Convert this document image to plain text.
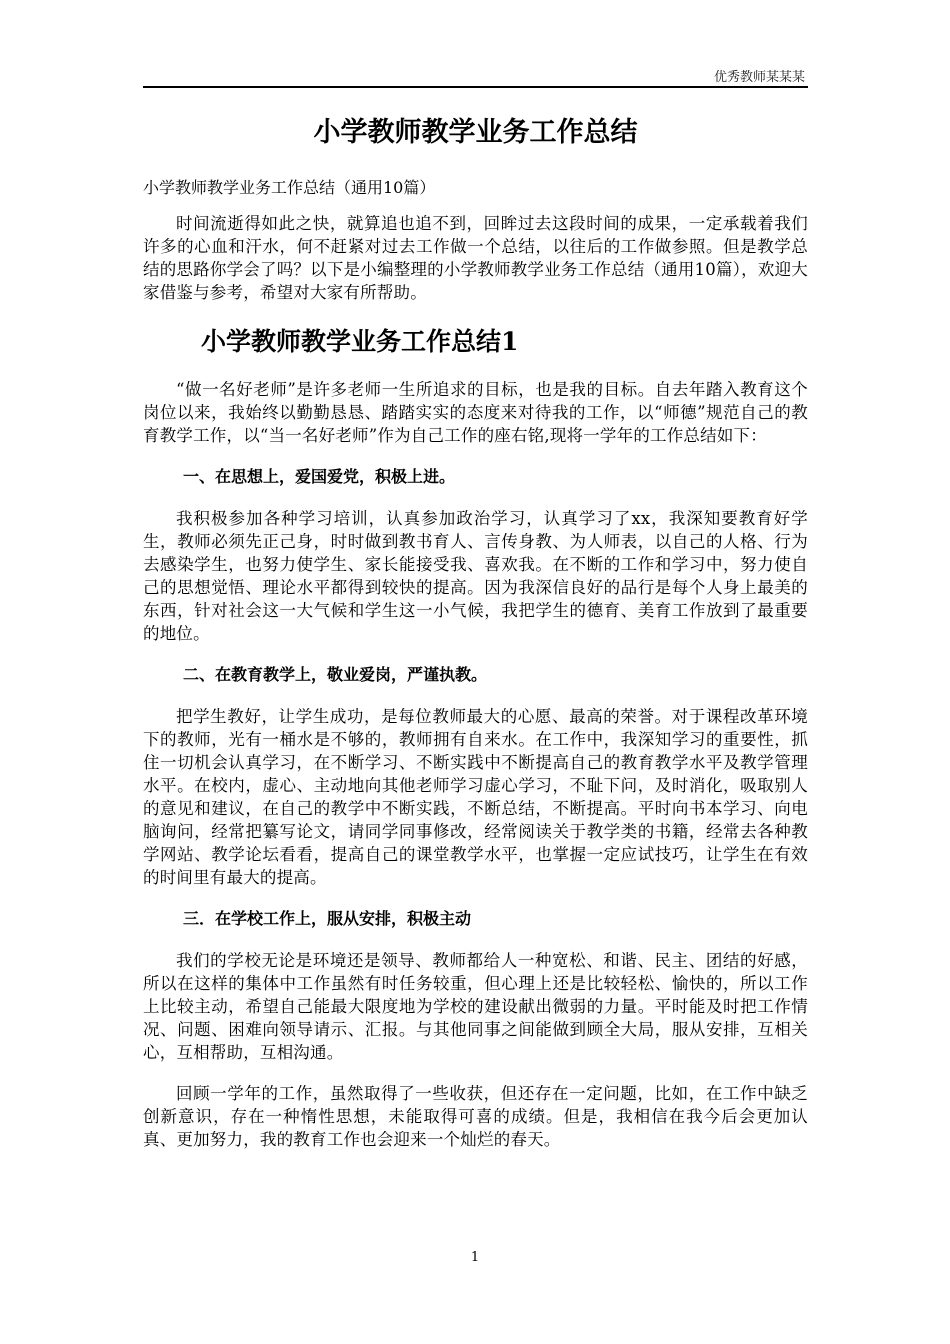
优秀教师某某某
小学教师教学业务工作总结

小学教师教学业务工作总结（通用10篇）

时间流逝得如此之快，就算追也追不到，回眸过去这段时间的成果，一定承载着我们许多的心血和汗水，何不赶紧对过去工作做一个总结，以往后的工作做参照。但是教学总结的思路你学会了吗？以下是小编整理的小学教师教学业务工作总结（通用10篇），欢迎大家借鉴与参考，希望对大家有所帮助。

小学教师教学业务工作总结1

“做一名好老师”是许多老师一生所追求的目标，也是我的目标。自去年踏入教育这个岗位以来，我始终以勤勤恳恳、踏踏实实的态度来对待我的工作，以“师德”规范自己的教育教学工作，以“当一名好老师”作为自己工作的座右铭,现将一学年的工作总结如下：

一、在思想上，爱国爱党，积极上进。

我积极参加各种学习培训，认真参加政治学习，认真学习了xx，我深知要教育好学生，教师必须先正己身，时时做到教书育人、言传身教、为人师表，以自己的人格、行为去感染学生，也努力使学生、家长能接受我、喜欢我。在不断的工作和学习中，努力使自己的思想觉悟、理论水平都得到较快的提高。因为我深信良好的品行是每个人身上最美的东西，针对社会这一大气候和学生这一小气候，我把学生的德育、美育工作放到了最重要的地位。

二、在教育教学上，敬业爱岗，严谨执教。

把学生教好，让学生成功，是每位教师最大的心愿、最高的荣誉。对于课程改革环境下的教师，光有一桶水是不够的，教师拥有自来水。在工作中，我深知学习的重要性，抓住一切机会认真学习，在不断学习、不断实践中不断提高自己的教育教学水平及教学管理水平。在校内，虚心、主动地向其他老师学习虚心学习，不耻下问，及时消化，吸取别人的意见和建议，在自己的教学中不断实践，不断总结，不断提高。平时向书本学习、向电脑询问，经常把纂写论文，请同学同事修改，经常阅读关于教学类的书籍，经常去各种教学网站、教学论坛看看，提高自己的课堂教学水平，也掌握一定应试技巧，让学生在有效的时间里有最大的提高。

三．在学校工作上，服从安排，积极主动

我们的学校无论是环境还是领导、教师都给人一种宽松、和谐、民主、团结的好感，所以在这样的集体中工作虽然有时任务较重，但心理上还是比较轻松、愉快的，所以工作上比较主动，希望自己能最大限度地为学校的建设献出微弱的力量。平时能及时把工作情况、问题、困难向领导请示、汇报。与其他同事之间能做到顾全大局，服从安排，互相关心，互相帮助，互相沟通。

回顾一学年的工作，虽然取得了一些收获，但还存在一定问题，比如，在工作中缺乏创新意识，存在一种惰性思想，未能取得可喜的成绩。但是，我相信在我今后会更加认真、更加努力，我的教育工作也会迎来一个灿烂的春天。

1
